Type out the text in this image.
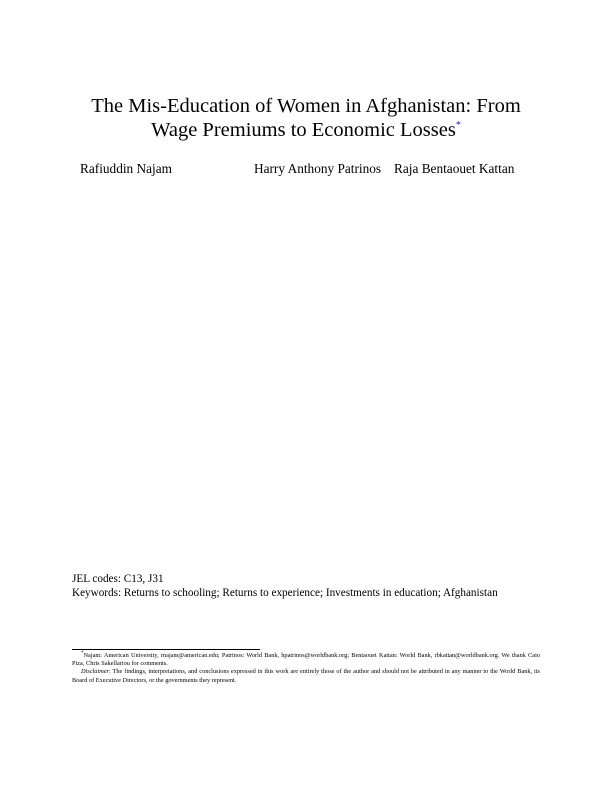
The Mis-Education of Women in Afghanistan: From
Wage Premiums to Economic Losses*
Rafiuddin Najam	Harry Anthony Patrinos Raja Bentaouet Kattan
JEL codes: C13, J31
Keywords: Returns to schooling; Returns to experience; Investments in education; Afghanistan

*Najam: American University, rnajam@american.edu; Patrinos: World Bank, hpatrinos@worldbank.org; Bentaouet Kattan: World Bank, rbkattan@worldbank.org. We thank Caio Piza, Chris Sakellariou for comments.

Disclaimer: The findings, interpretations, and conclusions expressed in this work are entirely those of the author and should not be attributed in any manner to the World Bank, its Board of Executive Directors, or the governments they represent.
